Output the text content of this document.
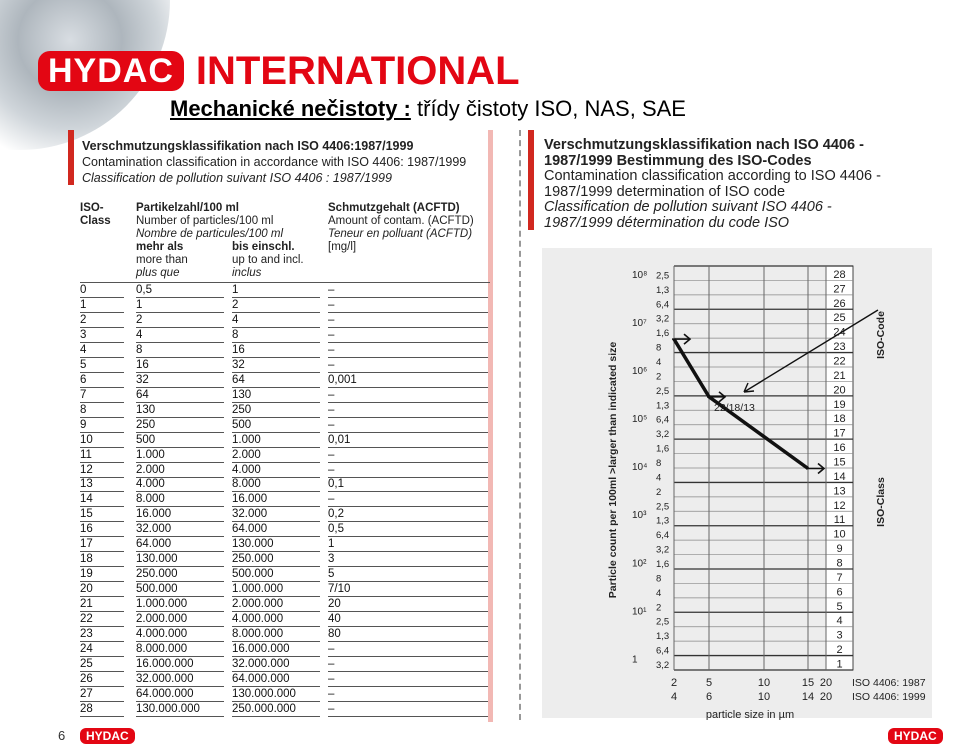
HYDAC INTERNATIONAL
Mechanické nečistoty : třídy čistoty ISO, NAS, SAE
Verschmutzungsklassifikation nach ISO 4406:1987/1999
Contamination classification in accordance with ISO 4406: 1987/1999
Classification de pollution suivant ISO 4406 : 1987/1999
ISO-
Class
Partikelzahl/100 ml
Number of particles/100 ml
Nombre de particules/100 ml
mehr als
more than
plus que
bis einschl.
up to and incl.
inclus
Schmutzgehalt (ACFTD)
Amount of contam. (ACFTD)
Teneur en polluant (ACFTD)
[mg/l]
0	0,5	1	–
1	1	2	–
2	2	4	–
3	4	8	–
4	8	16	–
5	16	32	–
6	32	64	0,001
7	64	130	–
8	130	250	–
9	250	500	–
10	500	1.000	0,01
11	1.000	2.000	–
12	2.000	4.000	–
13	4.000	8.000	0,1
14	8.000	16.000	–
15	16.000	32.000	0,2
16	32.000	64.000	0,5
17	64.000	130.000	1
18	130.000	250.000	3
19	250.000	500.000	5
20	500.000	1.000.000	7/10
21	1.000.000	2.000.000	20
22	2.000.000	4.000.000	40
23	4.000.000	8.000.000	80
24	8.000.000	16.000.000	–
25	16.000.000	32.000.000	–
26	32.000.000	64.000.000	–
27	64.000.000	130.000.000	–
28	130.000.000	250.000.000	–
Verschmutzungsklassifikation nach ISO 4406 -
1987/1999 Bestimmung des ISO-Codes
Contamination classification according to ISO 4406 -
1987/1999 determination of ISO code
Classification de pollution suivant ISO 4406 -
1987/1999 détermination du code ISO
28
27
26
25
24
23
22
21
20
19
18
17
16
15
14
13
12
11
10
9
8
7
6
5
4
3
2
1
2
4
5
6
10
10
15
14
20
20
particle size in µm
ISO 4406: 1987
ISO 4406: 1999
10⁸
10⁷
10⁶
10⁵
10⁴
10³
10²
10¹
1
2,5
1,3
6,4
3,2
1,6
8
4
2
2,5
1,3
6,4
3,2
1,6
8
4
2
2,5
1,3
6,4
3,2
1,6
8
4
2
2,5
1,3
6,4
3,2
Particle count per 100ml >larger than indicated size
ISO-Code
ISO-Class
22/18/13
6	HYDAC	HYDAC
